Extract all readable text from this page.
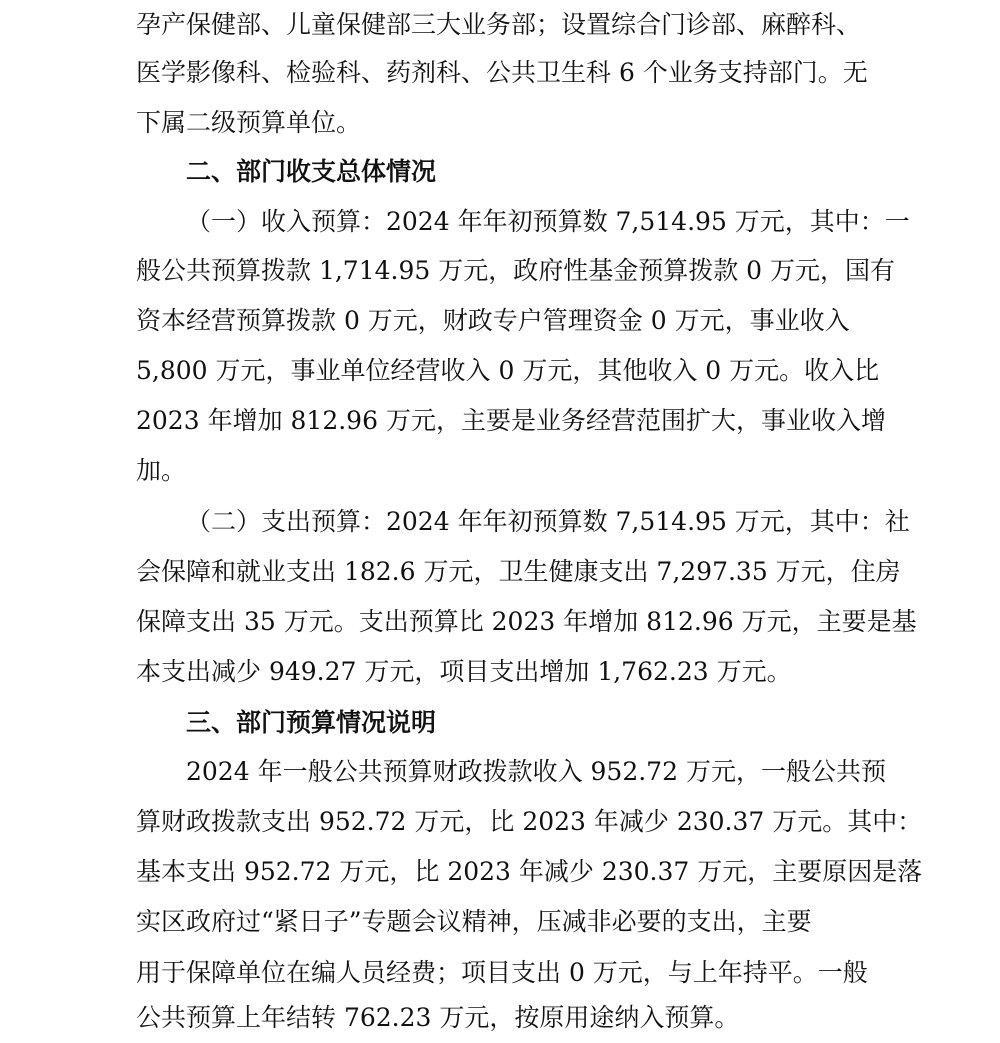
孕产保健部、儿童保健部三大业务部；设置综合门诊部、麻醉科、
医学影像科、检验科、药剂科、公共卫生科 6 个业务支持部门。无
下属二级预算单位。
二、部门收支总体情况
（一）收入预算：2024 年年初预算数 7,514.95 万元，其中：一
般公共预算拨款 1,714.95 万元，政府性基金预算拨款 0 万元，国有
资本经营预算拨款 0 万元，财政专户管理资金 0 万元，事业收入
5,800 万元，事业单位经营收入 0 万元，其他收入 0 万元。收入比
2023 年增加 812.96 万元，主要是业务经营范围扩大，事业收入增
加。
（二）支出预算：2024 年年初预算数 7,514.95 万元，其中：社
会保障和就业支出 182.6 万元，卫生健康支出 7,297.35 万元，住房
保障支出 35 万元。支出预算比 2023 年增加 812.96 万元，主要是基
本支出减少 949.27 万元，项目支出增加 1,762.23 万元。
三、部门预算情况说明
2024 年一般公共预算财政拨款收入 952.72 万元，一般公共预
算财政拨款支出 952.72 万元，比 2023 年减少 230.37 万元。其中：
基本支出 952.72 万元，比 2023 年减少 230.37 万元，主要原因是落
实区政府过“紧日子”专题会议精神，压减非必要的支出，主要
用于保障单位在编人员经费；项目支出 0 万元，与上年持平。一般
公共预算上年结转 762.23 万元，按原用途纳入预算。
